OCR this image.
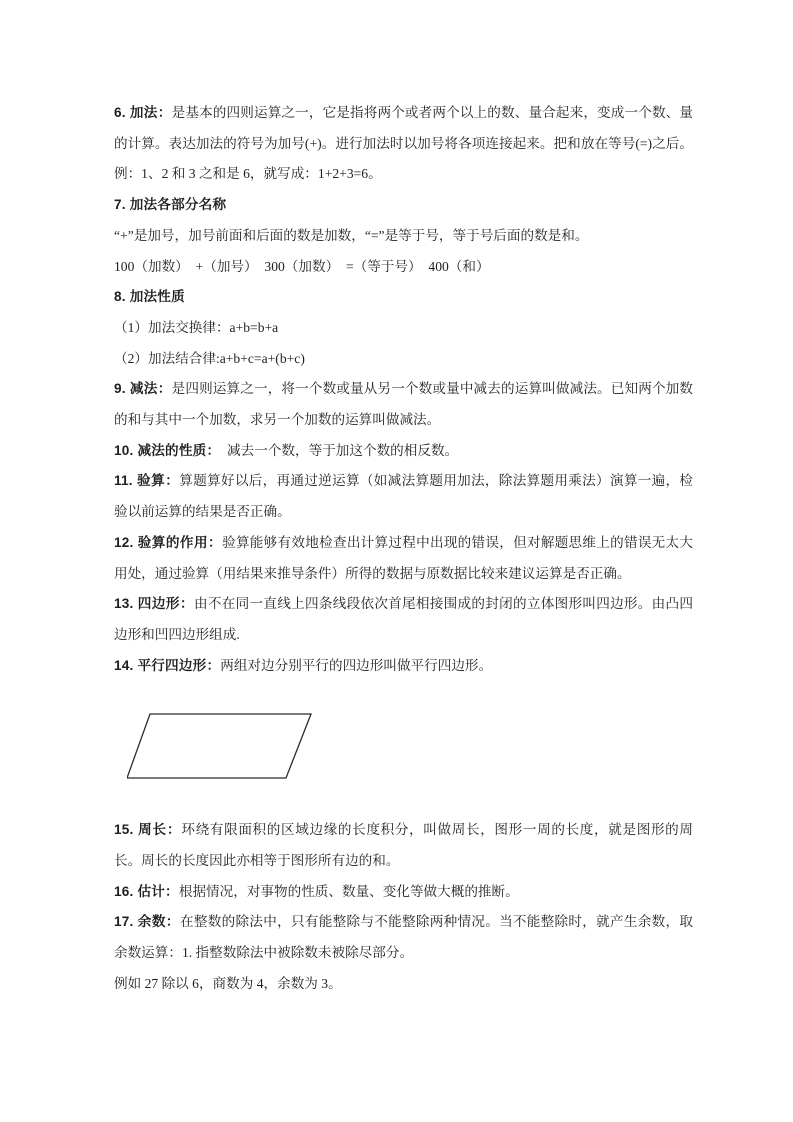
6. 加法：是基本的四则运算之一，它是指将两个或者两个以上的数、量合起来，变成一个数、量的计算。表达加法的符号为加号(+)。进行加法时以加号将各项连接起来。把和放在等号(=)之后。  例：1、2 和 3 之和是 6，就写成：1+2+3=6。

7. 加法各部分名称

“+”是加号，加号前面和后面的数是加数，“=”是等于号，等于号后面的数是和。

100（加数）  +（加号）  300（加数）  =（等于号）  400（和）

8. 加法性质

（1）加法交换律：a+b=b+a

（2）加法结合律:a+b+c=a+(b+c)

9. 减法：是四则运算之一，将一个数或量从另一个数或量中减去的运算叫做减法。已知两个加数的和与其中一个加数，求另一个加数的运算叫做减法。

10. 减法的性质：  减去一个数，等于加这个数的相反数。

11. 验算：算题算好以后，再通过逆运算（如减法算题用加法，除法算题用乘法）演算一遍，检验以前运算的结果是否正确。

12. 验算的作用：验算能够有效地检查出计算过程中出现的错误，但对解题思维上的错误无太大用处，通过验算（用结果来推导条件）所得的数据与原数据比较来建议运算是否正确。

13. 四边形：由不在同一直线上四条线段依次首尾相接围成的封闭的立体图形叫四边形。由凸四边形和凹四边形组成.

14. 平行四边形：两组对边分别平行的四边形叫做平行四边形。

15. 周长：环绕有限面积的区域边缘的长度积分，叫做周长，图形一周的长度，就是图形的周长。周长的长度因此亦相等于图形所有边的和。

16. 估计：根据情况，对事物的性质、数量、变化等做大概的推断。

17. 余数：在整数的除法中，只有能整除与不能整除两种情况。当不能整除时，就产生余数，取余数运算：1. 指整数除法中被除数未被除尽部分。

例如 27 除以 6，商数为 4，余数为 3。
